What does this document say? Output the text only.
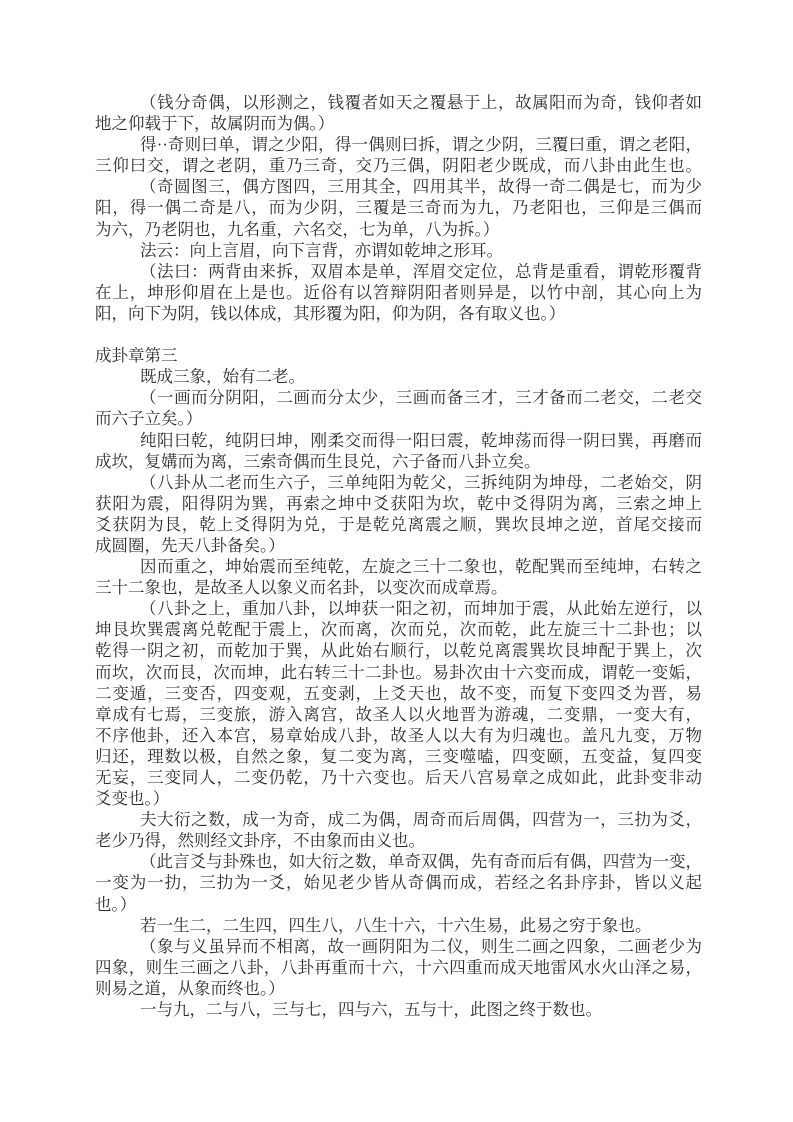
（钱分奇偶，以形测之，钱覆者如天之覆悬于上，故属阳而为奇，钱仰者如
地之仰载于下，故属阴而为偶。）
得··奇则曰单，谓之少阳，得一偶则曰拆，谓之少阴，三覆曰重，谓之老阳，
三仰曰交，谓之老阴，重乃三奇，交乃三偶，阴阳老少既成，而八卦由此生也。
（奇圆图三，偶方图四，三用其全，四用其半，故得一奇二偶是七，而为少
阳，得一偶二奇是八，而为少阴，三覆是三奇而为九，乃老阳也，三仰是三偶而
为六，乃老阴也，九名重，六名交，七为单，八为拆。）
法云：向上言眉，向下言背，亦谓如乾坤之形耳。
（法曰：两背由来拆，双眉本是单，浑眉交定位，总背是重看，谓乾形覆背
在上，坤形仰眉在上是也。近俗有以笤辩阴阳者则异是，以竹中剖，其心向上为
阳，向下为阴，钱以体成，其形覆为阳，仰为阴，各有取义也。）
成卦章第三
既成三象，始有二老。
（一画而分阴阳，二画而分太少，三画而备三才，三才备而二老交，二老交
而六子立矣。）
纯阳曰乾，纯阴曰坤，刚柔交而得一阳曰震，乾坤荡而得一阴曰巽，再磨而
成坎，复媾而为离，三索奇偶而生艮兑，六子备而八卦立矣。
（八卦从二老而生六子，三单纯阳为乾父，三拆纯阴为坤母，二老始交，阴
获阳为震，阳得阴为巽，再索之坤中爻获阳为坎，乾中爻得阴为离，三索之坤上
爻获阴为艮，乾上爻得阴为兑，于是乾兑离震之顺，巽坎艮坤之逆，首尾交接而
成圆圈，先天八卦备矣。）
因而重之，坤始震而至纯乾，左旋之三十二象也，乾配巽而至纯坤，右转之
三十二象也，是故圣人以象义而名卦，以变次而成章焉。
（八卦之上，重加八卦，以坤获一阳之初，而坤加于震，从此始左逆行，以
坤艮坎巽震离兑乾配于震上，次而离，次而兑，次而乾，此左旋三十二卦也；以
乾得一阴之初，而乾加于巽，从此始右顺行，以乾兑离震巽坎艮坤配于巽上，次
而坎，次而艮，次而坤，此右转三十二卦也。易卦次由十六变而成，谓乾一变姤，
二变遁，三变否，四变观，五变剥，上爻天也，故不变，而复下变四爻为晋，易
章成有七焉，三变旅，游入离宫，故圣人以火地晋为游魂，二变鼎，一变大有，
不序他卦，还入本宫，易章始成八卦，故圣人以大有为归魂也。盖凡九变，万物
归还，理数以极，自然之象，复二变为离，三变噬嗑，四变颐，五变益，复四变
无妄，三变同人，二变仍乾，乃十六变也。后天八宫易章之成如此，此卦变非动
爻变也。）
夫大衍之数，成一为奇，成二为偶，周奇而后周偶，四营为一，三扐为爻，
老少乃得，然则经文卦序，不由象而由义也。
（此言爻与卦殊也，如大衍之数，单奇双偶，先有奇而后有偶，四营为一变，
一变为一扐，三扐为一爻，始见老少皆从奇偶而成，若经之名卦序卦，皆以义起
也。）
若一生二，二生四，四生八，八生十六，十六生易，此易之穷于象也。
（象与义虽异而不相离，故一画阴阳为二仪，则生二画之四象，二画老少为
四象，则生三画之八卦，八卦再重而十六，十六四重而成天地雷风水火山泽之易，
则易之道，从象而终也。）
一与九，二与八，三与七，四与六，五与十，此图之终于数也。
